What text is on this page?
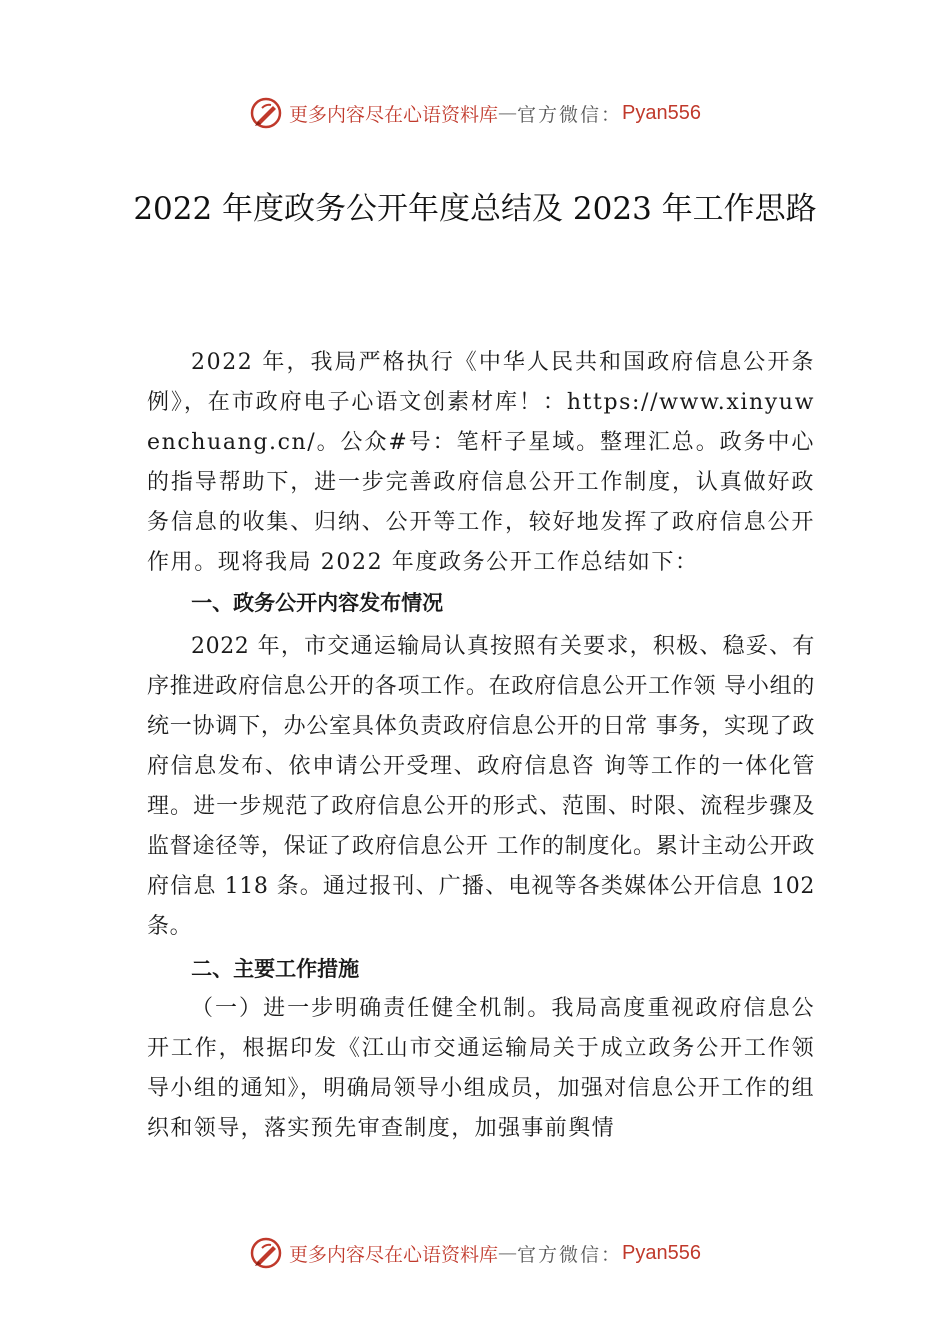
更多内容尽在心语资料库 — 官方微信： Pyan556
2022 年度政务公开年度总结及 2023 年工作思路

2022 年，我局严格执行《中华人民共和国政府信息公开条例》，在市政府电子心语文创素材库！：https://www.xinyuwenchuang.cn/。公众#号：笔杆子星域。整理汇总。政务中心的指导帮助下，进一步完善政府信息公开工作制度，认真做好政务信息的收集、归纳、公开等工作，较好地发挥了政府信息公开作用。现将我局 2022 年度政务公开工作总结如下：

一、政务公开内容发布情况

2022 年，市交通运输局认真按照有关要求，积极、稳妥、有序推进政府信息公开的各项工作。在政府信息公开工作领 导小组的统一协调下，办公室具体负责政府信息公开的日常 事务，实现了政府信息发布、依申请公开受理、政府信息咨 询等工作的一体化管理。进一步规范了政府信息公开的形式、范围、时限、流程步骤及监督途径等，保证了政府信息公开 工作的制度化。累计主动公开政府信息 118 条。通过报刊、广播、电视等各类媒体公开信息 102 条。

二、主要工作措施

（一）进一步明确责任健全机制。我局高度重视政府信息公开工作，根据印发《江山市交通运输局关于成立政务公开工作领导小组的通知》，明确局领导小组成员，加强对信息公开工作的组织和领导，落实预先审查制度，加强事前舆情

更多内容尽在心语资料库 — 官方微信： Pyan556
